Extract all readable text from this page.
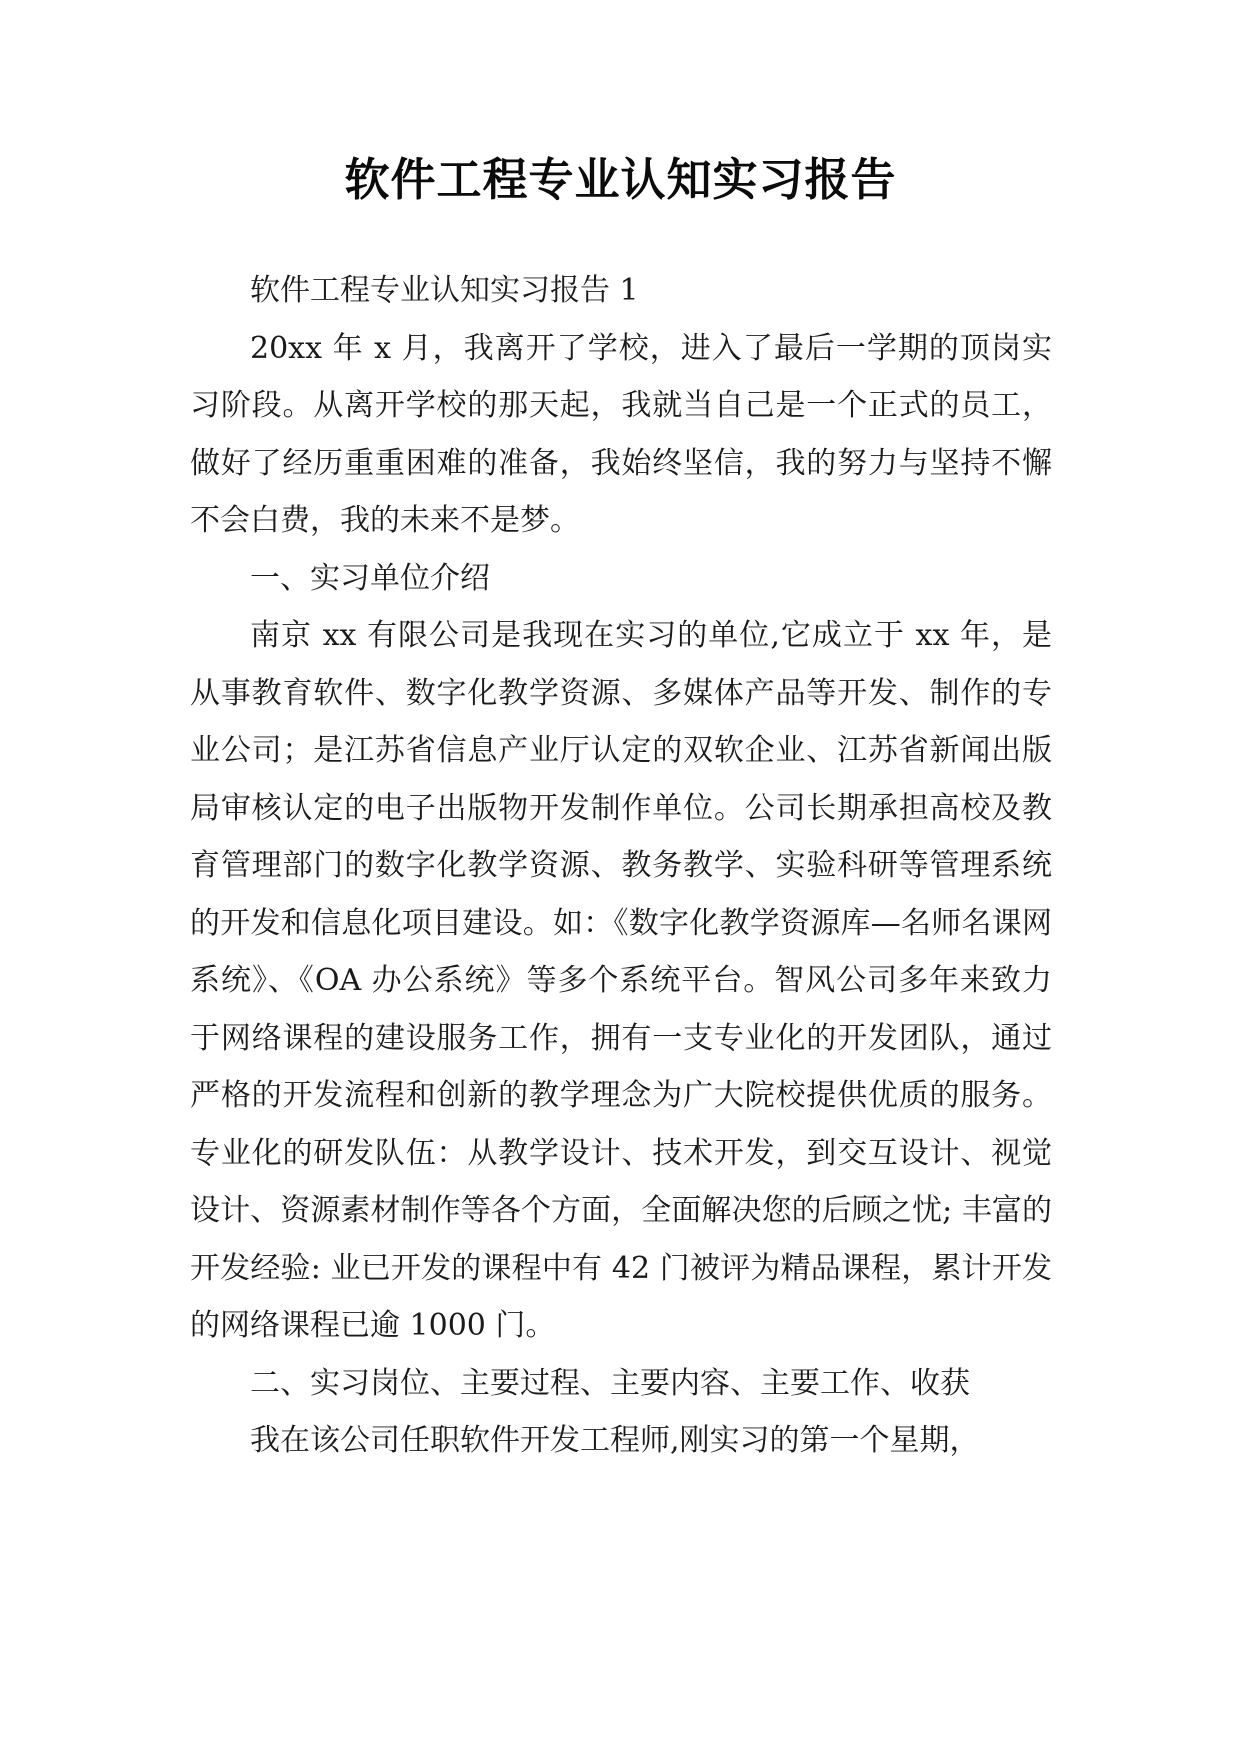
软件工程专业认知实习报告

软件工程专业认知实习报告 1

20xx 年 x 月，我离开了学校，进入了最后一学期的顶岗实习阶段。从离开学校的那天起，我就当自己是一个正式的员工，做好了经历重重困难的准备，我始终坚信，我的努力与坚持不懈不会白费，我的未来不是梦。

一、实习单位介绍

南京 xx 有限公司是我现在实习的单位,它成立于 xx 年，是从事教育软件、数字化教学资源、多媒体产品等开发、制作的专业公司；是江苏省信息产业厅认定的双软企业、江苏省新闻出版局审核认定的电子出版物开发制作单位。公司长期承担高校及教育管理部门的数字化教学资源、教务教学、实验科研等管理系统的开发和信息化项目建设。如：《数字化教学资源库—名师名课网系统》、《OA 办公系统》等多个系统平台。智风公司多年来致力于网络课程的建设服务工作，拥有一支专业化的开发团队，通过严格的开发流程和创新的教学理念为广大院校提供优质的服务。专业化的研发队伍：从教学设计、技术开发，到交互设计、视觉设计、资源素材制作等各个方面，全面解决您的后顾之忧; 丰富的开发经验: 业已开发的课程中有 42 门被评为精品课程，累计开发的网络课程已逾 1000 门。

二、实习岗位、主要过程、主要内容、主要工作、收获

我在该公司任职软件开发工程师,刚实习的第一个星期，
